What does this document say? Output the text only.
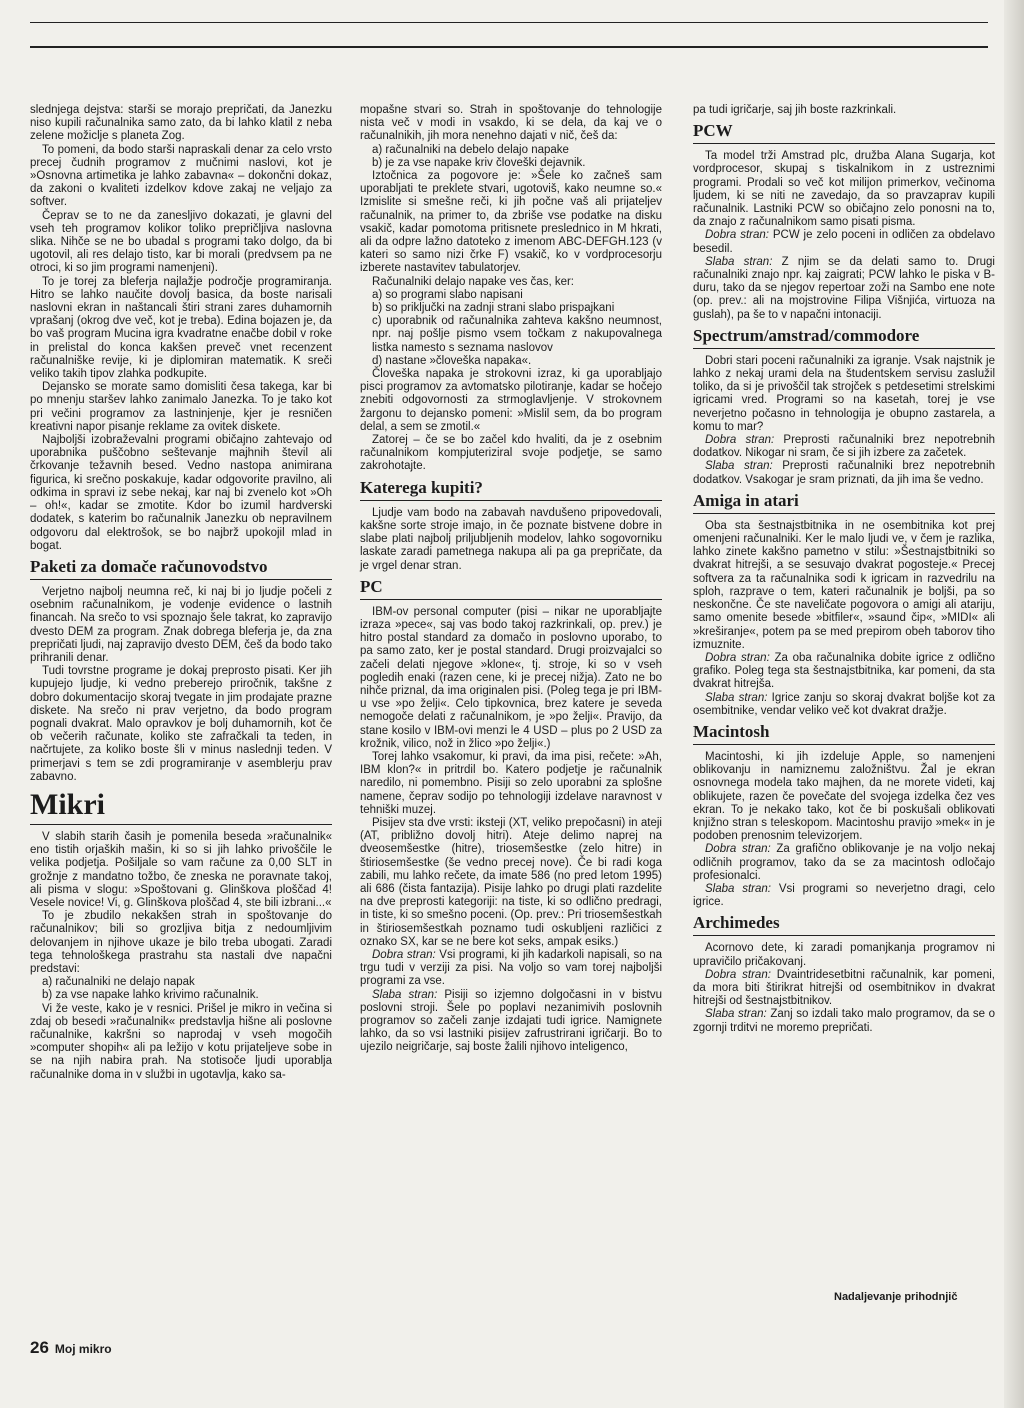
slednjega dejstva: starši se morajo prepričati, da Janezku niso kupili računalnika samo zato, da bi lahko klatil z neba zelene možiclje s planeta Zog.

To pomeni, da bodo starši napraskali denar za celo vrsto precej čudnih programov z mučnimi naslovi, kot je »Osnovna artimetika je lahko zabavna« – dokončni dokaz, da zakoni o kvaliteti izdelkov kdove zakaj ne veljajo za softver.

Čeprav se to ne da zanesljivo dokazati, je glavni del vseh teh programov kolikor toliko prepričljiva naslovna slika. Nihče se ne bo ubadal s programi tako dolgo, da bi ugotovil, ali res delajo tisto, kar bi morali (predvsem pa ne otroci, ki so jim programi namenjeni).

To je torej za bleferja najlažje področje programiranja. Hitro se lahko naučite dovolj basica, da boste narisali naslovni ekran in naštancali štiri strani zares duhamornih vprašanj (okrog dve več, kot je treba). Edina bojazen je, da bo vaš program Mucina igra kvadratne enačbe dobil v roke in prelistal do konca kakšen preveč vnet recenzent računalniške revije, ki je diplomiran matematik. K sreči veliko takih tipov zlahka podkupite.

Dejansko se morate samo domisliti česa takega, kar bi po mnenju staršev lahko zanimalo Janezka. To je tako kot pri večini programov za lastninjenje, kjer je resničen kreativni napor pisanje reklame za ovitek diskete.

Najboljši izobraževalni programi običajno zahtevajo od uporabnika puščobno seštevanje majhnih števil ali črkovanje težavnih besed. Vedno nastopa animirana figurica, ki srečno poskakuje, kadar odgovorite pravilno, ali odkima in spravi iz sebe nekaj, kar naj bi zvenelo kot »Oh – oh!«, kadar se zmotite. Kdor bo izumil hardverski dodatek, s katerim bo računalnik Janezku ob nepravilnem odgovoru dal elektrošok, se bo najbrž upokojil mlad in bogat.

Paketi za domače računovodstvo

Verjetno najbolj neumna reč, ki naj bi jo ljudje počeli z osebnim računalnikom, je vodenje evidence o lastnih financah. Na srečo to vsi spoznajo šele takrat, ko zapravijo dvesto DEM za program. Znak dobrega bleferja je, da zna prepričati ljudi, naj zapravijo dvesto DEM, češ da bodo tako prihranili denar.

Tudi tovrstne programe je dokaj preprosto pisati. Ker jih kupujejo ljudje, ki vedno preberejo priročnik, takšne z dobro dokumentacijo skoraj tvegate in jim prodajate prazne diskete. Na srečo ni prav verjetno, da bodo program pognali dvakrat. Malo opravkov je bolj duhamornih, kot če ob večerih računate, koliko ste zafračkali ta teden, in načrtujete, za koliko boste šli v minus naslednji teden. V primerjavi s tem se zdi programiranje v asemblerju prav zabavno.

Mikri

V slabih starih časih je pomenila beseda »računalnik« eno tistih orjaških mašin, ki so si jih lahko privoščile le velika podjetja. Pošiljale so vam račune za 0,00 SLT in grožnje z mandatno tožbo, če zneska ne poravnate takoj, ali pisma v slogu: »Spoštovani g. Glinškova ploščad 4! Vesele novice! Vi, g. Glinškova ploščad 4, ste bili izbrani...«

To je zbudilo nekakšen strah in spoštovanje do računalnikov; bili so grozljiva bitja z nedoumljivim delovanjem in njihove ukaze je bilo treba ubogati. Zaradi tega tehnološkega prastrahu sta nastali dve napačni predstavi:

a) računalniki ne delajo napak

b) za vse napake lahko krivimo računalnik.

Vi že veste, kako je v resnici. Prišel je mikro in večina si zdaj ob besedi »računalnik« predstavlja hišne ali poslovne računalnike, kakršni so naprodaj v vseh mogočih »computer shopih« ali pa ležijo v kotu prijateljeve sobe in se na njih nabira prah. Na stotisoče ljudi uporablja računalnike doma in v službi in ugotavlja, kako sa-

mopašne stvari so. Strah in spoštovanje do tehnologije nista več v modi in vsakdo, ki se dela, da kaj ve o računalnikih, jih mora nenehno dajati v nič, češ da:

a) računalniki na debelo delajo napake

b) je za vse napake kriv človeški dejavnik.

Iztočnica za pogovore je: »Šele ko začneš sam uporabljati te preklete stvari, ugotoviš, kako neumne so.« Izmislite si smešne reči, ki jih počne vaš ali prijateljev računalnik, na primer to, da zbriše vse podatke na disku vsakič, kadar pomotoma pritisnete preslednico in M hkrati, ali da odpre lažno datoteko z imenom ABC-DEFGH.123 (v kateri so samo nizi črke F) vsakič, ko v vordprocesorju izberete nastavitev tabulatorjev.

Računalniki delajo napake ves čas, ker:

a) so programi slabo napisani

b) so priključki na zadnji strani slabo prispajkani

c) uporabnik od računalnika zahteva kakšno neumnost, npr. naj pošlje pismo vsem točkam z nakupovalnega listka namesto s seznama naslovov

d) nastane »človeška napaka«.

Človeška napaka je strokovni izraz, ki ga uporabljajo pisci programov za avtomatsko pilotiranje, kadar se hočejo znebiti odgovornosti za strmoglavljenje. V strokovnem žargonu to dejansko pomeni: »Mislil sem, da bo program delal, a sem se zmotil.«

Zatorej – če se bo začel kdo hvaliti, da je z osebnim računalnikom kompjuteriziral svoje podjetje, se samo zakrohotajte.

Katerega kupiti?

Ljudje vam bodo na zabavah navdušeno pripovedovali, kakšne sorte stroje imajo, in če poznate bistvene dobre in slabe plati najbolj priljubljenih modelov, lahko sogovorniku laskate zaradi pametnega nakupa ali pa ga prepričate, da je vrgel denar stran.

PC

IBM-ov personal computer (pisi – nikar ne uporabljajte izraza »pece«, saj vas bodo takoj razkrinkali, op. prev.) je hitro postal standard za domačo in poslovno uporabo, to pa samo zato, ker je postal standard. Drugi proizvajalci so začeli delati njegove »klone«, tj. stroje, ki so v vseh pogledih enaki (razen cene, ki je precej nižja). Zato ne bo nihče priznal, da ima originalen pisi. (Poleg tega je pri IBM-u vse »po željі«. Celo tipkovnica, brez katere je seveda nemogoče delati z računalnikom, je »po željі«. Pravijo, da stane kosilo v IBM-ovi menzi le 4 USD – plus po 2 USD za krožnik, vilico, nož in žlico »po željі«.)

Torej lahko vsakomur, ki pravi, da ima pisi, rečete: »Ah, IBM klon?« in pritrdil bo. Katero podjetje je računalnik naredilo, ni pomembno. Pisiji so zelo uporabni za splošne namene, čeprav sodijo po tehnologiji izdelave naravnost v tehniški muzej.

Pisijev sta dve vrsti: iksteji (XT, veliko prepočasni) in ateji (AT, približno dovolj hitri). Ateje delimo naprej na dveosemšestke (hitre), triosemšestke (zelo hitre) in štiriosemšestke (še vedno precej nove). Če bi radi koga zabili, mu lahko rečete, da imate 586 (no pred letom 1995) ali 686 (čista fantazija). Pisije lahko po drugi plati razdelite na dve preprosti kategoriji: na tiste, ki so odlično predragi, in tiste, ki so smešno poceni. (Op. prev.: Pri triosemšestkah in štiriosemšestkah poznamo tudi oskubljeni različici z oznako SX, kar se ne bere kot seks, ampak esiks.)

Dobra stran: Vsi programi, ki jih kadarkoli napisali, so na trgu tudi v verziji za pisi. Na voljo so vam torej najboljši programi za vse.

Slaba stran: Pisiji so izjemno dolgočasni in v bistvu poslovni stroji. Šele po poplavi nezanimivih poslovnih programov so začeli zanje izdajati tudi igrice. Namignete lahko, da so vsi lastniki pisijev zafrustrirani igričarji. Bo to ujezilo neigričarje, saj boste žalili njihovo inteligenco,

pa tudi igričarje, saj jih boste razkrinkali.

PCW

Ta model trži Amstrad plc, družba Alana Sugarja, kot vordprocesor, skupaj s tiskalnikom in z ustreznimi programi. Prodali so več kot milijon primerkov, večinoma ljudem, ki se niti ne zavedajo, da so pravzaprav kupili računalnik. Lastniki PCW so običajno zelo ponosni na to, da znajo z računalnikom samo pisati pisma.

Dobra stran: PCW je zelo poceni in odličen za obdelavo besedil.

Slaba stran: Z njim se da delati samo to. Drugi računalniki znajo npr. kaj zaigrati; PCW lahko le piska v B-duru, tako da se njegov repertoar zoži na Sambo ene note (op. prev.: ali na mojstrovine Filipa Višnjića, virtuoza na guslah), pa še to v napačni intonaciji.

Spectrum/amstrad/commodore

Dobri stari poceni računalniki za igranje. Vsak najstnik je lahko z nekaj urami dela na študentskem servisu zaslužil toliko, da si je privoščil tak strojček s petdesetimi strelskimi igricami vred. Programi so na kasetah, torej je vse neverjetno počasno in tehnologija je obupno zastarela, a komu to mar?

Dobra stran: Preprosti računalniki brez nepotrebnih dodatkov. Nikogar ni sram, če si jih izbere za začetek.

Slaba stran: Preprosti računalniki brez nepotrebnih dodatkov. Vsakogar je sram priznati, da jih ima še vedno.

Amiga in atari

Oba sta šestnajstbitnika in ne osembitnika kot prej omenjeni računalniki. Ker le malo ljudi ve, v čem je razlika, lahko zinete kakšno pametno v stilu: »Šestnajstbitniki so dvakrat hitrejši, a se sesuvajo dvakrat pogosteje.« Precej softvera za ta računalnika sodi k igricam in razvedrilu na sploh, razprave o tem, kateri računalnik je boljši, pa so neskončne. Če ste naveličate pogovora o amigi ali atariju, samo omenite besede »bitfiler«, »saund čip«, »MIDI« ali »kreširanje«, potem pa se med prepirom obeh taborov tiho izmuznite.

Dobra stran: Za oba računalnika dobite igrice z odlično grafiko. Poleg tega sta šestnajstbitnika, kar pomeni, da sta dvakrat hitrejša.

Slaba stran: Igrice zanju so skoraj dvakrat boljše kot za osembitnike, vendar veliko več kot dvakrat dražje.

Macintosh

Macintoshi, ki jih izdeluje Apple, so namenjeni oblikovanju in namiznemu založništvu. Žal je ekran osnovnega modela tako majhen, da ne morete videti, kaj oblikujete, razen če povečate del svojega izdelka čez ves ekran. To je nekako tako, kot če bi poskušali oblikovati knjižno stran s teleskopom. Macintoshu pravijo »mek« in je podoben prenosnim televizorjem.

Dobra stran: Za grafično oblikovanje je na voljo nekaj odličnih programov, tako da se za macintosh odločajo profesionalci.

Slaba stran: Vsi programi so neverjetno dragi, celo igrice.

Archimedes

Acornovo dete, ki zaradi pomanjkanja programov ni upravičilo pričakovanj.

Dobra stran: Dvaintridesetbitni računalnik, kar pomeni, da mora biti štirikrat hitrejši od osembitnikov in dvakrat hitrejši od šestnajstbitnikov.

Slaba stran: Zanj so izdali tako malo programov, da se o zgornji trditvi ne moremo prepričati.

Nadaljevanje prihodnjič
26 Moj mikro
